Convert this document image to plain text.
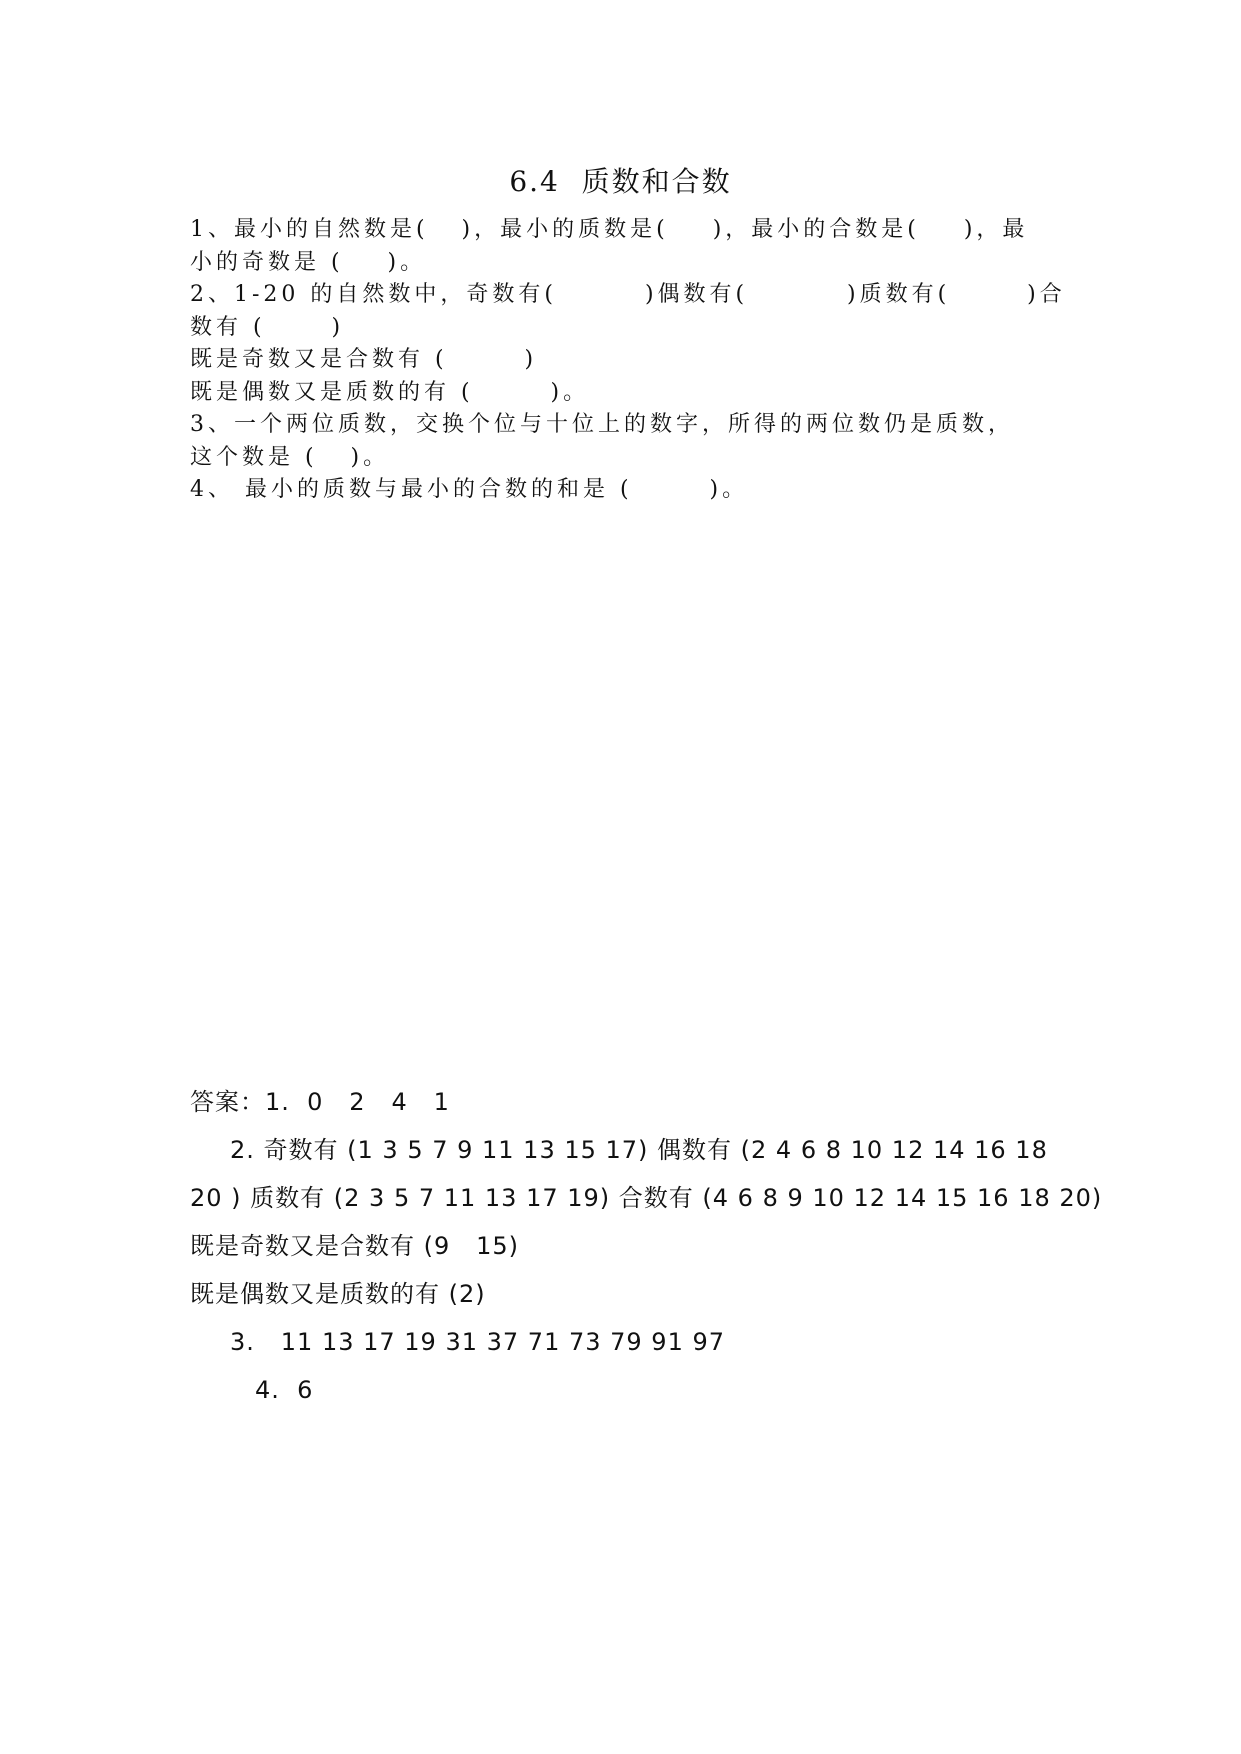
6.4  质数和合数
1、最小的自然数是(   )，最小的质数是(    )，最小的合数是(    )，最
小的奇数是 (    )。
2、1-20 的自然数中，奇数有(        )偶数有(         )质数有(       )合
数有 (      )
既是奇数又是合数有 (       )
既是偶数又是质数的有 (       )。
3、一个两位质数，交换个位与十位上的数字，所得的两位数仍是质数，
这个数是 (   )。
4、 最小的质数与最小的合数的和是 (       )。
答案：1.  0   2   4   1
2. 奇数有 (1 3 5 7 9 11 13 15 17) 偶数有 (2 4 6 8 10 12 14 16 18
20 ) 质数有 (2 3 5 7 11 13 17 19) 合数有 (4 6 8 9 10 12 14 15 16 18 20)
既是奇数又是合数有 (9   15)
既是偶数又是质数的有 (2)
3.   11 13 17 19 31 37 71 73 79 91 97
4.  6
